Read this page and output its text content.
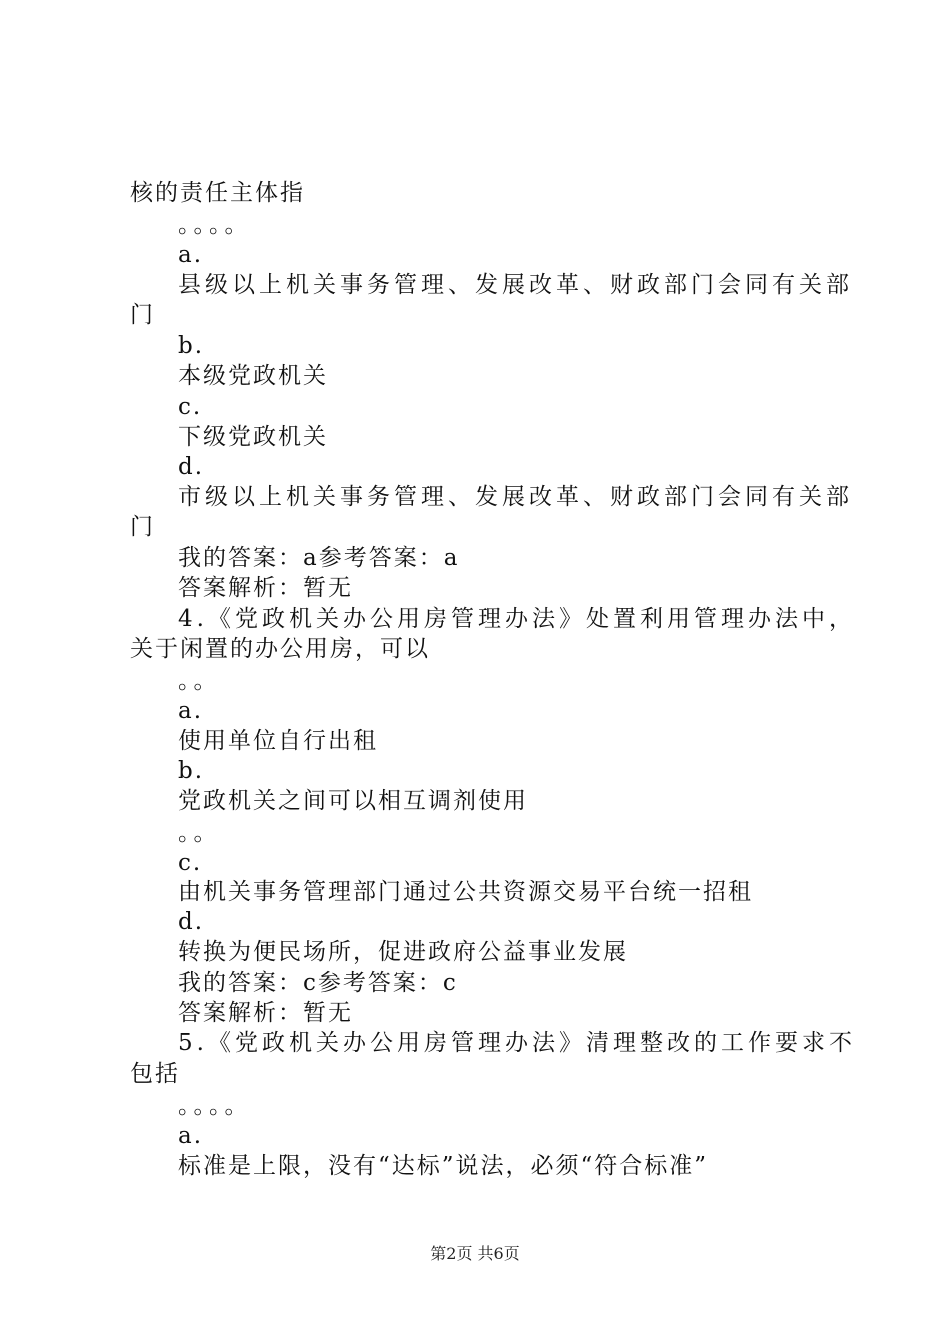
核的责任主体指
。。。。
a.
县级以上机关事务管理、发展改革、财政部门会同有关部
门
b.
本级党政机关
c.
下级党政机关
d.
市级以上机关事务管理、发展改革、财政部门会同有关部
门
我的答案：a参考答案：a
答案解析：暂无
4.《党政机关办公用房管理办法》处置利用管理办法中，
关于闲置的办公用房，可以
。。
a.
使用单位自行出租
b.
党政机关之间可以相互调剂使用
。。
c.
由机关事务管理部门通过公共资源交易平台统一招租
d.
转换为便民场所，促进政府公益事业发展
我的答案：c参考答案：c
答案解析：暂无
5.《党政机关办公用房管理办法》清理整改的工作要求不
包括
。。。。
a.
标准是上限，没有“达标”说法，必须“符合标准”
第2页 共6页
